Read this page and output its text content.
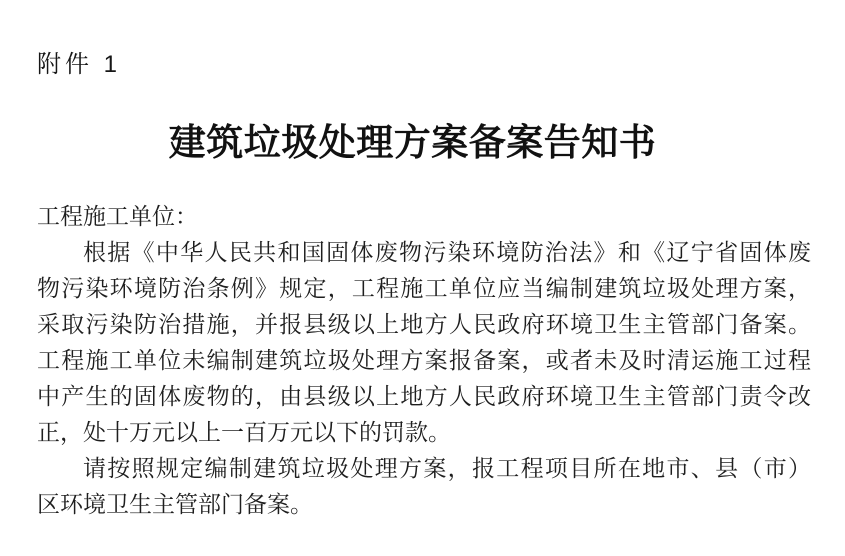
附件 1
建筑垃圾处理方案备案告知书
工程施工单位：
根据《中华人民共和国固体废物污染环境防治法》和《辽宁省固体废
物污染环境防治条例》规定，工程施工单位应当编制建筑垃圾处理方案，
采取污染防治措施，并报县级以上地方人民政府环境卫生主管部门备案。
工程施工单位未编制建筑垃圾处理方案报备案，或者未及时清运施工过程
中产生的固体废物的，由县级以上地方人民政府环境卫生主管部门责令改
正，处十万元以上一百万元以下的罚款。
请按照规定编制建筑垃圾处理方案，报工程项目所在地市、县（市）
区环境卫生主管部门备案。
